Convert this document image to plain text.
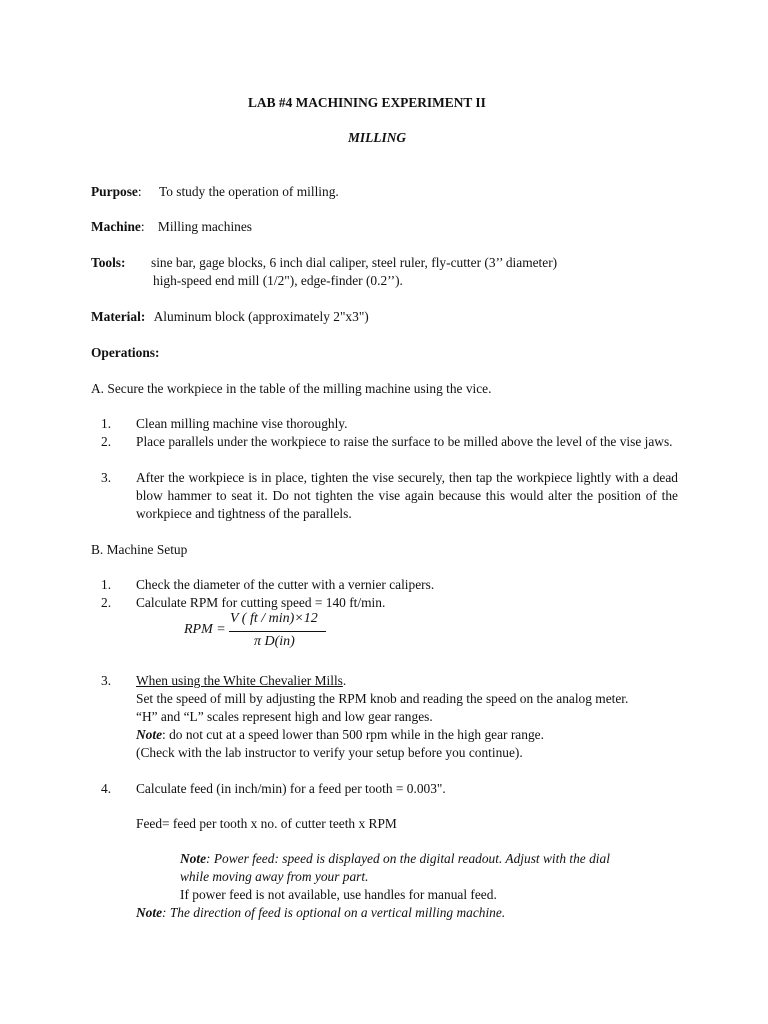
LAB #4 MACHINING EXPERIMENT II
MILLING
Purpose: To study the operation of milling.
Machine: Milling machines
Tools: sine bar, gage blocks, 6 inch dial caliper, steel ruler, fly-cutter (3’’ diameter)
high-speed end mill (1/2"), edge-finder (0.2’’).
Material: Aluminum block (approximately 2"x3")
Operations:
A. Secure the workpiece in the table of the milling machine using the vice.
1. Clean milling machine vise thoroughly.
2. Place parallels under the workpiece to raise the surface to be milled above the level of the vise jaws.
3. After the workpiece is in place, tighten the vise securely, then tap the workpiece lightly with a dead blow hammer to seat it. Do not tighten the vise again because this would alter the position of the workpiece and tightness of the parallels.
B. Machine Setup
1. Check the diameter of the cutter with a vernier calipers.
2. Calculate RPM for cutting speed = 140 ft/min.
RPM =
V ( ft / min)×12
π D(in)
3. When using the White Chevalier Mills.
Set the speed of mill by adjusting the RPM knob and reading the speed on the analog meter.
“H” and “L” scales represent high and low gear ranges.
Note: do not cut at a speed lower than 500 rpm while in the high gear range.
(Check with the lab instructor to verify your setup before you continue).
4. Calculate feed (in inch/min) for a feed per tooth = 0.003".
Feed= feed per tooth x no. of cutter teeth x RPM
Note: Power feed: speed is displayed on the digital readout. Adjust with the dial
while moving away from your part.
If power feed is not available, use handles for manual feed.
Note: The direction of feed is optional on a vertical milling machine.
